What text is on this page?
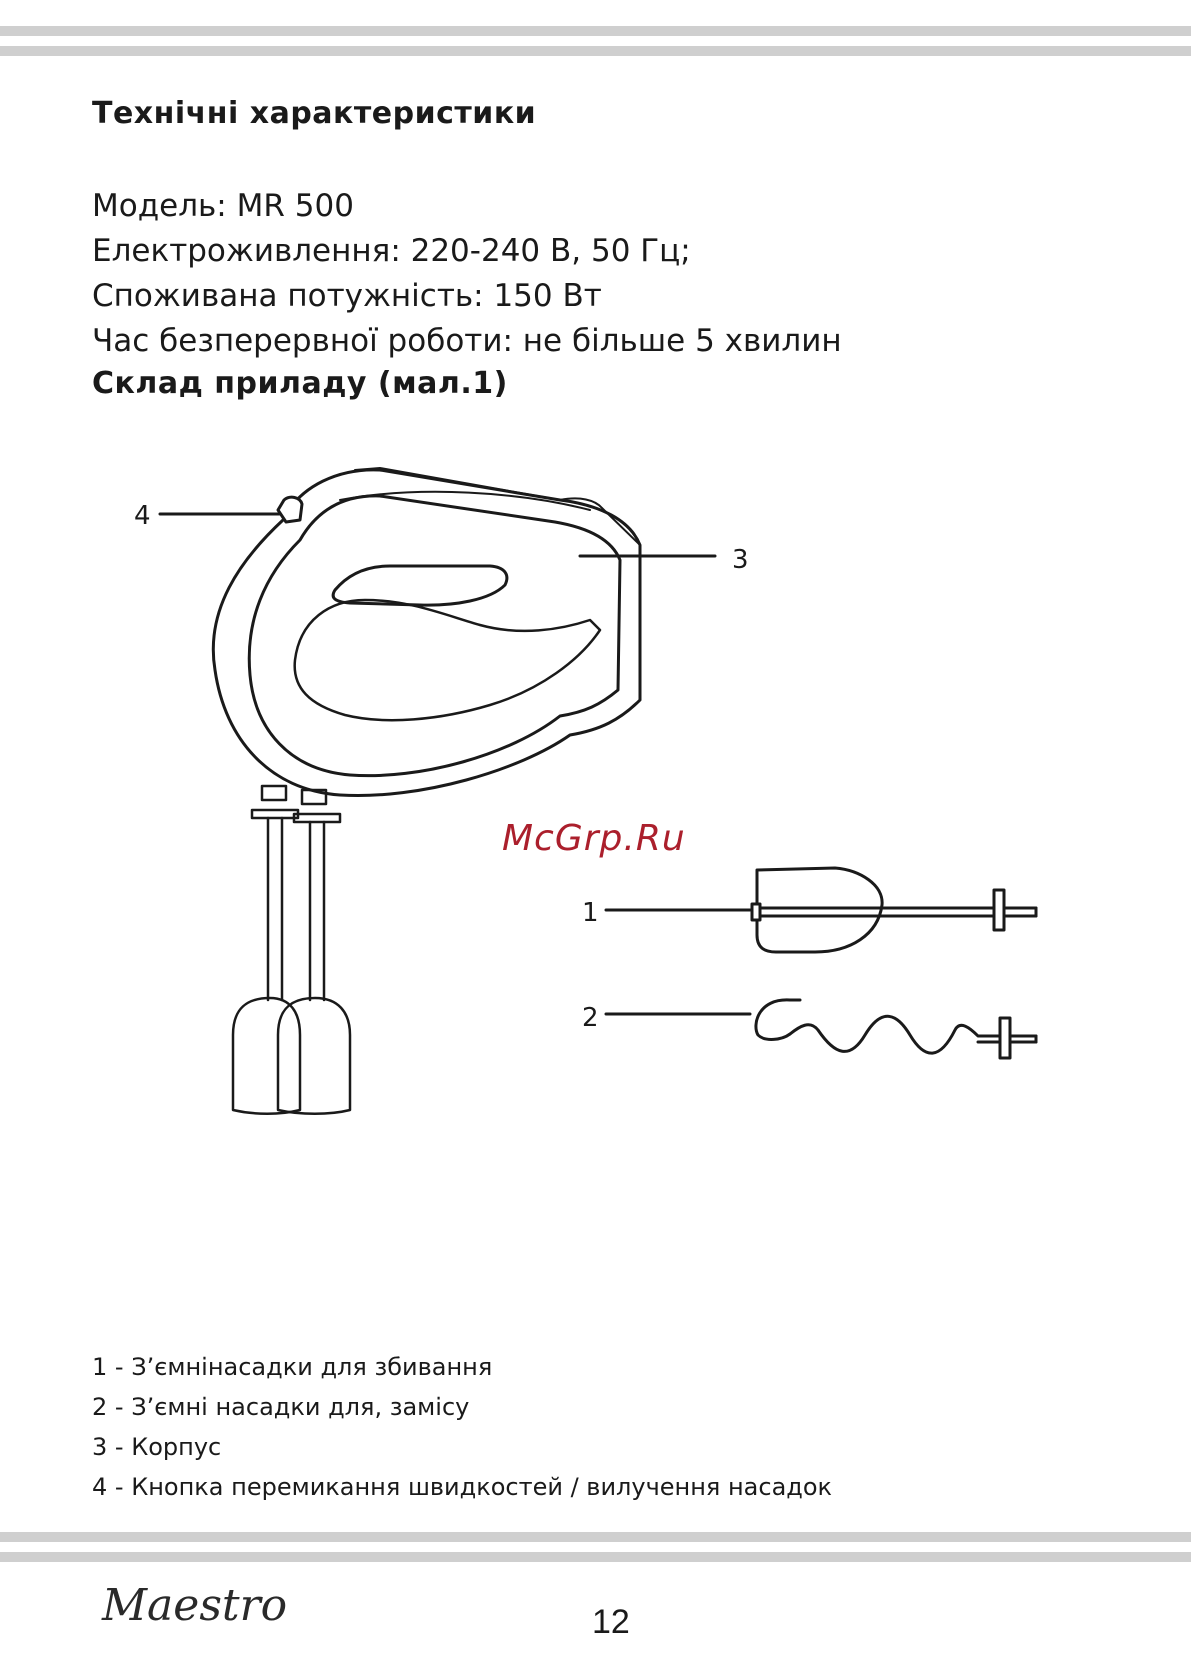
Технічні характеристики
Модель: MR 500
Електроживлення: 220-240 В, 50 Гц;
Споживана потужність: 150 Вт
Час безперервної роботи: не більше 5 хвилин
Склад приладу (мал.1)
4
3
1
2
McGrp.Ru
1 - З’ємнінасадки для збивання
2 - З’ємні насадки для, замісу
3 - Корпус
4 - Кнопка перемикання швидкостей / вилучення насадок
Maestro	12
